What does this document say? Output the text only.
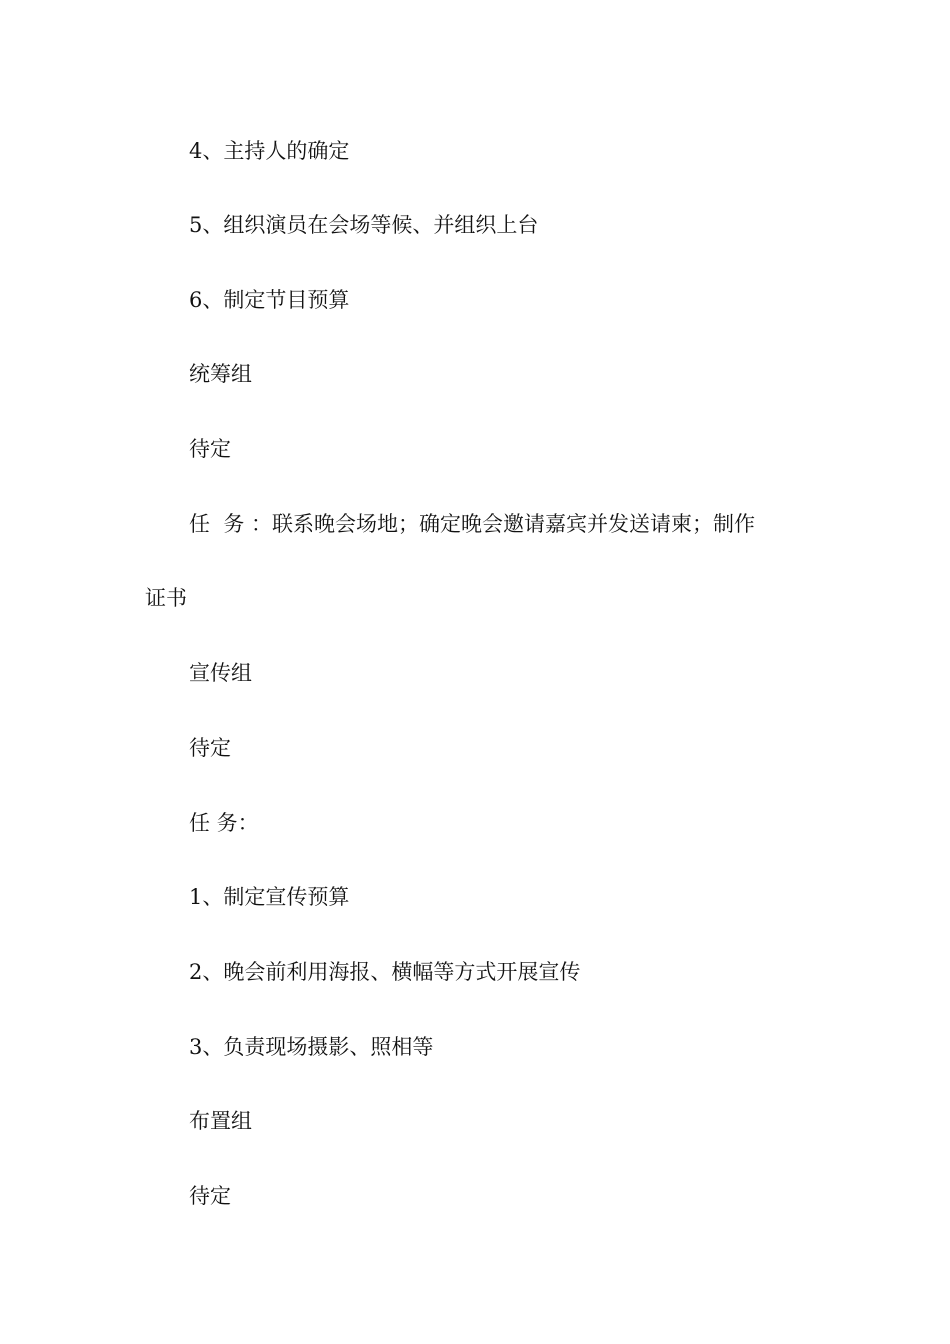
4、主持人的确定
5、组织演员在会场等候、并组织上台
6、制定节目预算
统筹组
待定
任  务 ：联系晚会场地；确定晚会邀请嘉宾并发送请柬；制作
证书
宣传组
待定
任 务：
1、制定宣传预算
2、晚会前利用海报、横幅等方式开展宣传
3、负责现场摄影、照相等
布置组
待定
